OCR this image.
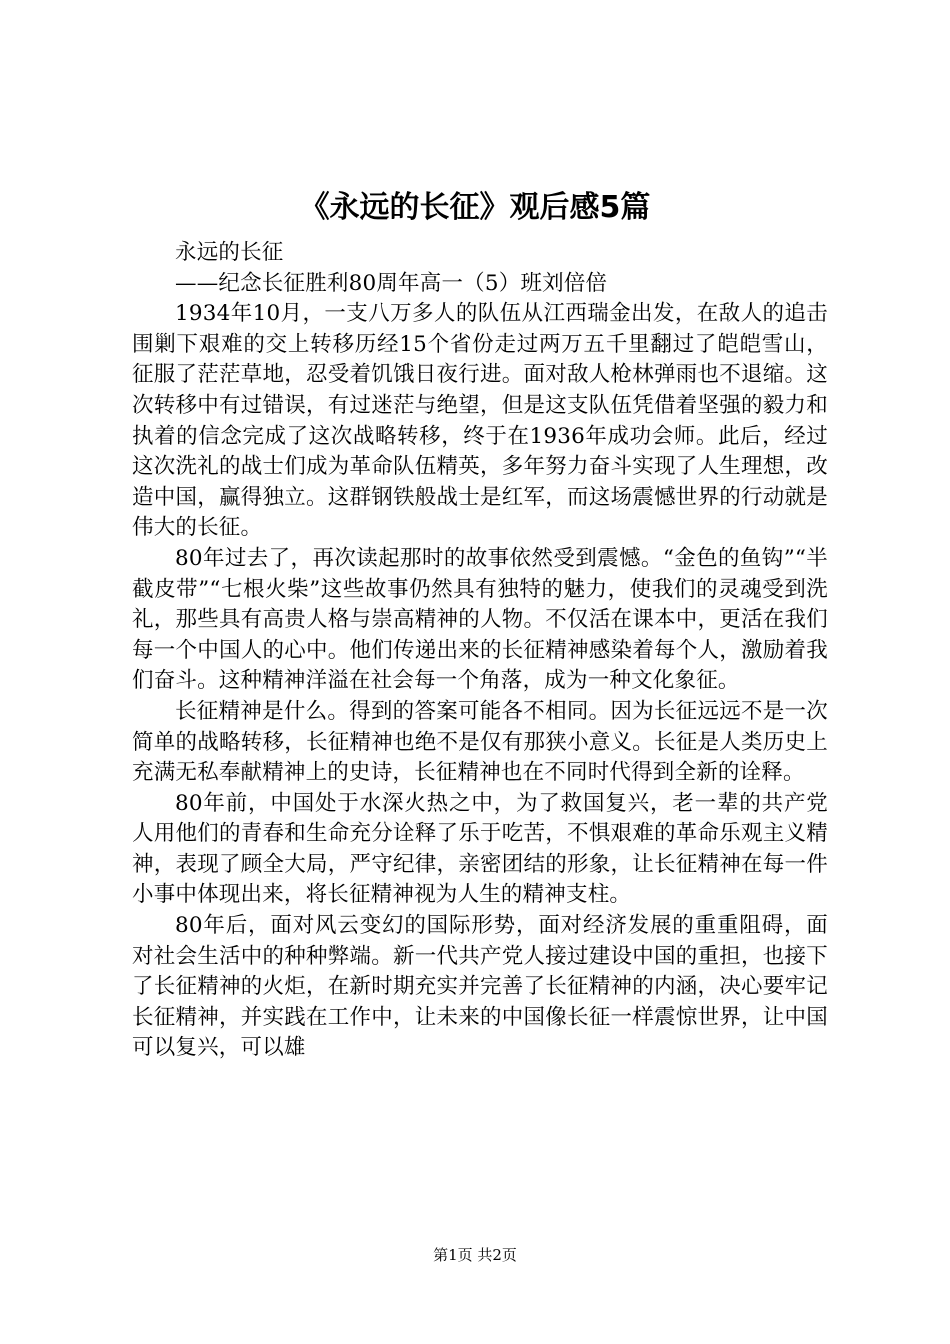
《永远的长征》观后感5篇

永远的长征

——纪念长征胜利80周年高一（5）班刘倍倍

1934年10月，一支八万多人的队伍从江西瑞金出发，在敌人的追击围剿下艰难的交上转移历经15个省份走过两万五千里翻过了皑皑雪山，征服了茫茫草地，忍受着饥饿日夜行进。面对敌人枪林弹雨也不退缩。这次转移中有过错误，有过迷茫与绝望，但是这支队伍凭借着坚强的毅力和执着的信念完成了这次战略转移，终于在1936年成功会师。此后，经过这次洗礼的战士们成为革命队伍精英，多年努力奋斗实现了人生理想，改造中国，赢得独立。这群钢铁般战士是红军，而这场震憾世界的行动就是伟大的长征。

80年过去了，再次读起那时的故事依然受到震憾。“金色的鱼钩”“半截皮带”“七根火柴”这些故事仍然具有独特的魅力，使我们的灵魂受到洗礼，那些具有高贵人格与崇高精神的人物。不仅活在课本中，更活在我们每一个中国人的心中。他们传递出来的长征精神感染着每个人，激励着我们奋斗。这种精神洋溢在社会每一个角落，成为一种文化象征。

长征精神是什么。得到的答案可能各不相同。因为长征远远不是一次简单的战略转移，长征精神也绝不是仅有那狭小意义。长征是人类历史上充满无私奉献精神上的史诗，长征精神也在不同时代得到全新的诠释。

80年前，中国处于水深火热之中，为了救国复兴，老一辈的共产党人用他们的青春和生命充分诠释了乐于吃苦，不惧艰难的革命乐观主义精神，表现了顾全大局，严守纪律，亲密团结的形象，让长征精神在每一件小事中体现出来，将长征精神视为人生的精神支柱。

80年后，面对风云变幻的国际形势，面对经济发展的重重阻碍，面对社会生活中的种种弊端。新一代共产党人接过建设中国的重担，也接下了长征精神的火炬，在新时期充实并完善了长征精神的内涵，决心要牢记长征精神，并实践在工作中，让未来的中国像长征一样震惊世界，让中国可以复兴，可以雄

第1页 共2页
